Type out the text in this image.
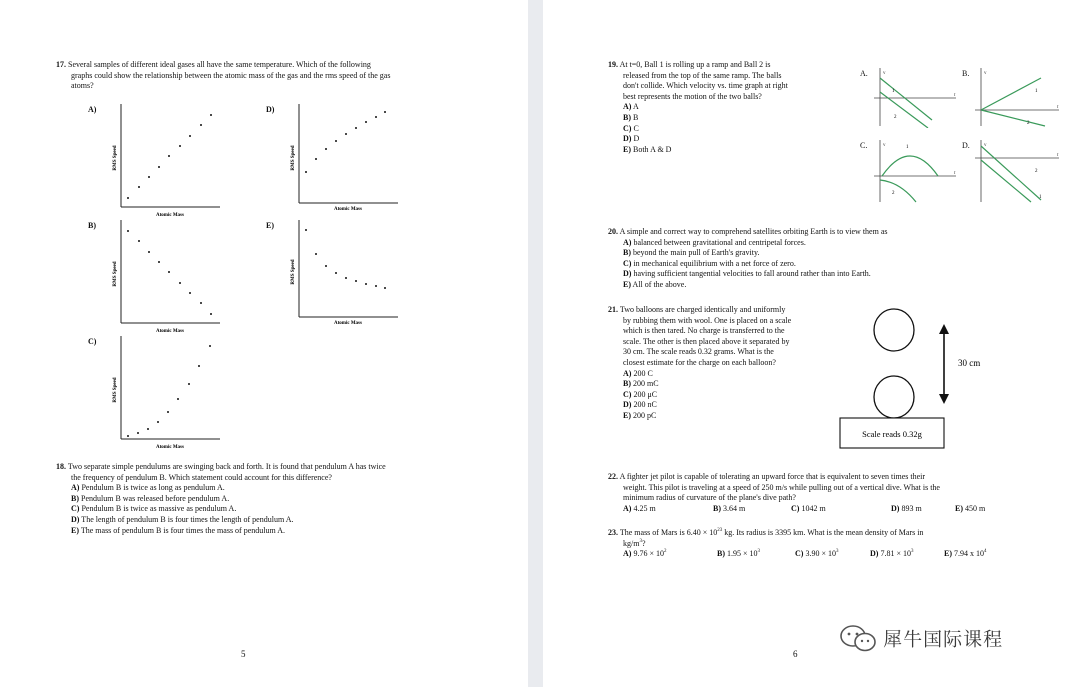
17. Several samples of different ideal gases all have the same temperature. Which of the following
graphs could show the relationship between the atomic mass of the gas and the rms speed of the gas
atoms?
A)
B)
C)
D)
E)
RMS Speed
Atomic Mass
RMS Speed
Atomic Mass
RMS Speed
Atomic Mass
RMS Speed
Atomic Mass
RMS Speed
Atomic Mass
18. Two separate simple pendulums are swinging back and forth. It is found that pendulum A has twice
the frequency of pendulum B. Which statement could account for this difference?
A) Pendulum B is twice as long as pendulum A.
B) Pendulum B was released before pendulum A.
C) Pendulum B is twice as massive as pendulum A.
D) The length of pendulum B is four times the length of pendulum A.
E) The mass of pendulum B is four times the mass of pendulum A.
5
19. At t=0, Ball 1 is rolling up a ramp and Ball 2 is
released from the top of the same ramp. The balls
don't collide. Which velocity vs. time graph at right
best represents the motion of the two balls?
A) A
B) B
C) C
D) D
E) Both A & D
A.	v
t
1
2
B.	v
t
1
2
C.	v
t
1
2
D.	v
t
2
1
20. A simple and correct way to comprehend satellites orbiting Earth is to view them as
A) balanced between gravitational and centripetal forces.
B) beyond the main pull of Earth's gravity.
C) in mechanical equilibrium with a net force of zero.
D) having sufficient tangential velocities to fall around rather than into Earth.
E) All of the above.
21. Two balloons are charged identically and uniformly
by rubbing them with wool. One is placed on a scale
which is then tared. No charge is transferred to the
scale. The other is then placed above it separated by
30 cm. The scale reads 0.32 grams. What is the
closest estimate for the charge on each balloon?
A) 200 C
B) 200 mC
C) 200 μC
D) 200 nC
E) 200 pC
Scale reads 0.32g
30 cm
22. A fighter jet pilot is capable of tolerating an upward force that is equivalent to seven times their
weight. This pilot is traveling at a speed of 250 m/s while pulling out of a vertical dive. What is the
minimum radius of curvature of the plane's dive path?
A) 4.25 m	B) 3.64 m	C) 1042 m	D) 893 m	E) 450 m
23. The mass of Mars is $6.40 \times 10^{23}$ kg. Its radius is 3395 km. What is the mean density of Mars in
$kg/m^3$?
A) $9.76 \times 10^2$	B) $1.95 \times 10^3$	C) $3.90 \times 10^3$	D) $7.81 \times 10^3$	E) 7.94 x $10^4$
6
犀牛国际课程
